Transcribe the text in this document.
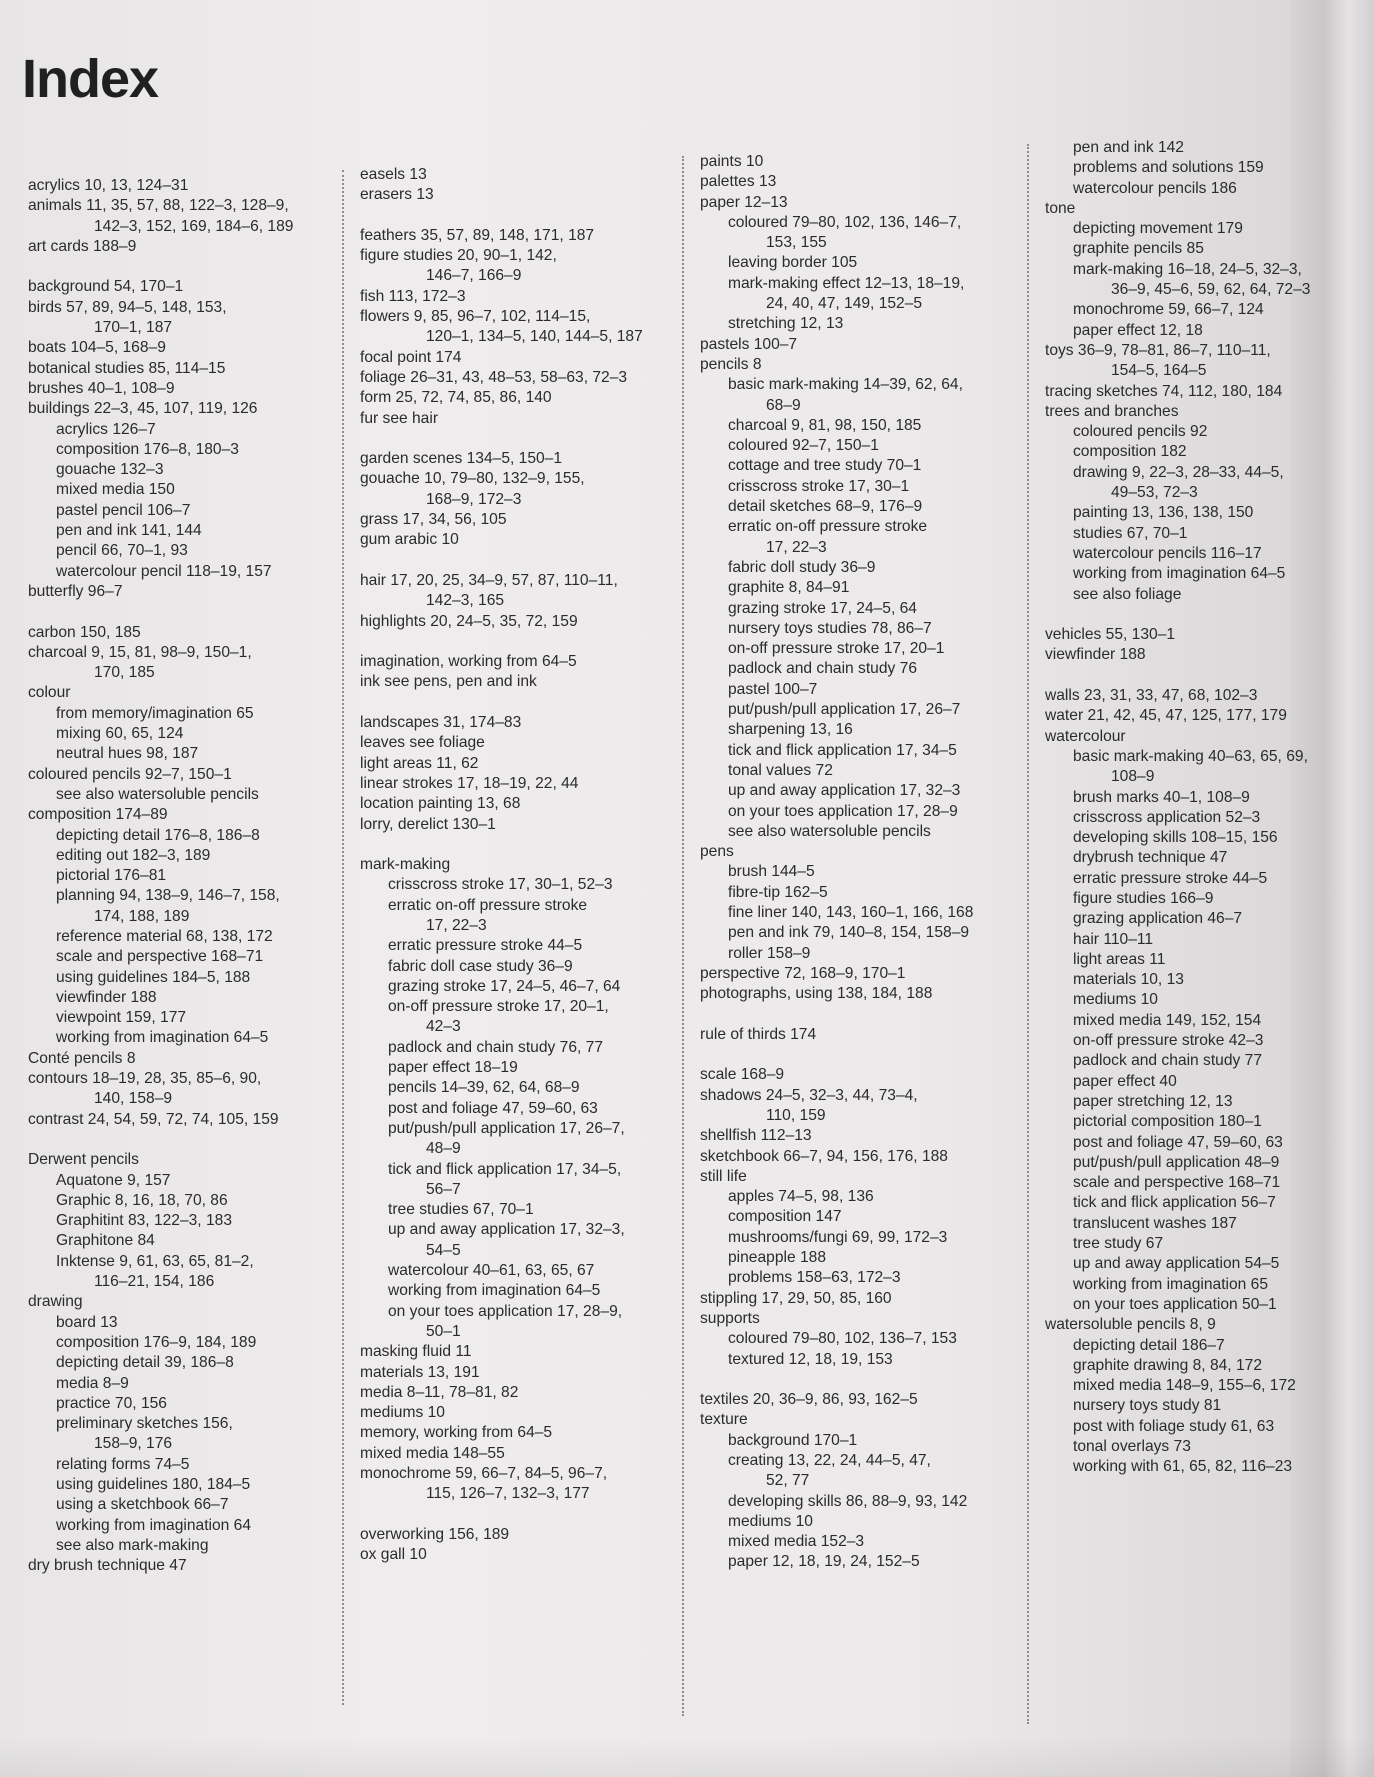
Index
acrylics 10, 13, 124–31
animals 11, 35, 57, 88, 122–3, 128–9,
142–3, 152, 169, 184–6, 189
art cards 188–9
background 54, 170–1
birds 57, 89, 94–5, 148, 153,
170–1, 187
boats 104–5, 168–9
botanical studies 85, 114–15
brushes 40–1, 108–9
buildings 22–3, 45, 107, 119, 126
acrylics 126–7
composition 176–8, 180–3
gouache 132–3
mixed media 150
pastel pencil 106–7
pen and ink 141, 144
pencil 66, 70–1, 93
watercolour pencil 118–19, 157
butterfly 96–7
carbon 150, 185
charcoal 9, 15, 81, 98–9, 150–1,
170, 185
colour
from memory/imagination 65
mixing 60, 65, 124
neutral hues 98, 187
coloured pencils 92–7, 150–1
see also watersoluble pencils
composition 174–89
depicting detail 176–8, 186–8
editing out 182–3, 189
pictorial 176–81
planning 94, 138–9, 146–7, 158,
174, 188, 189
reference material 68, 138, 172
scale and perspective 168–71
using guidelines 184–5, 188
viewfinder 188
viewpoint 159, 177
working from imagination 64–5
Conté pencils 8
contours 18–19, 28, 35, 85–6, 90,
140, 158–9
contrast 24, 54, 59, 72, 74, 105, 159
Derwent pencils
Aquatone 9, 157
Graphic 8, 16, 18, 70, 86
Graphitint 83, 122–3, 183
Graphitone 84
Inktense 9, 61, 63, 65, 81–2,
116–21, 154, 186
drawing
board 13
composition 176–9, 184, 189
depicting detail 39, 186–8
media 8–9
practice 70, 156
preliminary sketches 156,
158–9, 176
relating forms 74–5
using guidelines 180, 184–5
using a sketchbook 66–7
working from imagination 64
see also mark-making
dry brush technique 47
easels 13
erasers 13
feathers 35, 57, 89, 148, 171, 187
figure studies 20, 90–1, 142,
146–7, 166–9
fish 113, 172–3
flowers 9, 85, 96–7, 102, 114–15,
120–1, 134–5, 140, 144–5, 187
focal point 174
foliage 26–31, 43, 48–53, 58–63, 72–3
form 25, 72, 74, 85, 86, 140
fur see hair
garden scenes 134–5, 150–1
gouache 10, 79–80, 132–9, 155,
168–9, 172–3
grass 17, 34, 56, 105
gum arabic 10
hair 17, 20, 25, 34–9, 57, 87, 110–11,
142–3, 165
highlights 20, 24–5, 35, 72, 159
imagination, working from 64–5
ink see pens, pen and ink
landscapes 31, 174–83
leaves see foliage
light areas 11, 62
linear strokes 17, 18–19, 22, 44
location painting 13, 68
lorry, derelict 130–1
mark-making
crisscross stroke 17, 30–1, 52–3
erratic on-off pressure stroke
17, 22–3
erratic pressure stroke 44–5
fabric doll case study 36–9
grazing stroke 17, 24–5, 46–7, 64
on-off pressure stroke 17, 20–1,
42–3
padlock and chain study 76, 77
paper effect 18–19
pencils 14–39, 62, 64, 68–9
post and foliage 47, 59–60, 63
put/push/pull application 17, 26–7,
48–9
tick and flick application 17, 34–5,
56–7
tree studies 67, 70–1
up and away application 17, 32–3,
54–5
watercolour 40–61, 63, 65, 67
working from imagination 64–5
on your toes application 17, 28–9,
50–1
masking fluid 11
materials 13, 191
media 8–11, 78–81, 82
mediums 10
memory, working from 64–5
mixed media 148–55
monochrome 59, 66–7, 84–5, 96–7,
115, 126–7, 132–3, 177
overworking 156, 189
ox gall 10
paints 10
palettes 13
paper 12–13
coloured 79–80, 102, 136, 146–7,
153, 155
leaving border 105
mark-making effect 12–13, 18–19,
24, 40, 47, 149, 152–5
stretching 12, 13
pastels 100–7
pencils 8
basic mark-making 14–39, 62, 64,
68–9
charcoal 9, 81, 98, 150, 185
coloured 92–7, 150–1
cottage and tree study 70–1
crisscross stroke 17, 30–1
detail sketches 68–9, 176–9
erratic on-off pressure stroke
17, 22–3
fabric doll study 36–9
graphite 8, 84–91
grazing stroke 17, 24–5, 64
nursery toys studies 78, 86–7
on-off pressure stroke 17, 20–1
padlock and chain study 76
pastel 100–7
put/push/pull application 17, 26–7
sharpening 13, 16
tick and flick application 17, 34–5
tonal values 72
up and away application 17, 32–3
on your toes application 17, 28–9
see also watersoluble pencils
pens
brush 144–5
fibre-tip 162–5
fine liner 140, 143, 160–1, 166, 168
pen and ink 79, 140–8, 154, 158–9
roller 158–9
perspective 72, 168–9, 170–1
photographs, using 138, 184, 188
rule of thirds 174
scale 168–9
shadows 24–5, 32–3, 44, 73–4,
110, 159
shellfish 112–13
sketchbook 66–7, 94, 156, 176, 188
still life
apples 74–5, 98, 136
composition 147
mushrooms/fungi 69, 99, 172–3
pineapple 188
problems 158–63, 172–3
stippling 17, 29, 50, 85, 160
supports
coloured 79–80, 102, 136–7, 153
textured 12, 18, 19, 153
textiles 20, 36–9, 86, 93, 162–5
texture
background 170–1
creating 13, 22, 24, 44–5, 47,
52, 77
developing skills 86, 88–9, 93, 142
mediums 10
mixed media 152–3
paper 12, 18, 19, 24, 152–5
pen and ink 142
problems and solutions 159
watercolour pencils 186
tone
depicting movement 179
graphite pencils 85
mark-making 16–18, 24–5, 32–3,
36–9, 45–6, 59, 62, 64, 72–3
monochrome 59, 66–7, 124
paper effect 12, 18
toys 36–9, 78–81, 86–7, 110–11,
154–5, 164–5
tracing sketches 74, 112, 180, 184
trees and branches
coloured pencils 92
composition 182
drawing 9, 22–3, 28–33, 44–5,
49–53, 72–3
painting 13, 136, 138, 150
studies 67, 70–1
watercolour pencils 116–17
working from imagination 64–5
see also foliage
vehicles 55, 130–1
viewfinder 188
walls 23, 31, 33, 47, 68, 102–3
water 21, 42, 45, 47, 125, 177, 179
watercolour
basic mark-making 40–63, 65, 69,
108–9
brush marks 40–1, 108–9
crisscross application 52–3
developing skills 108–15, 156
drybrush technique 47
erratic pressure stroke 44–5
figure studies 166–9
grazing application 46–7
hair 110–11
light areas 11
materials 10, 13
mediums 10
mixed media 149, 152, 154
on-off pressure stroke 42–3
padlock and chain study 77
paper effect 40
paper stretching 12, 13
pictorial composition 180–1
post and foliage 47, 59–60, 63
put/push/pull application 48–9
scale and perspective 168–71
tick and flick application 56–7
translucent washes 187
tree study 67
up and away application 54–5
working from imagination 65
on your toes application 50–1
watersoluble pencils 8, 9
depicting detail 186–7
graphite drawing 8, 84, 172
mixed media 148–9, 155–6, 172
nursery toys study 81
post with foliage study 61, 63
tonal overlays 73
working with 61, 65, 82, 116–23
